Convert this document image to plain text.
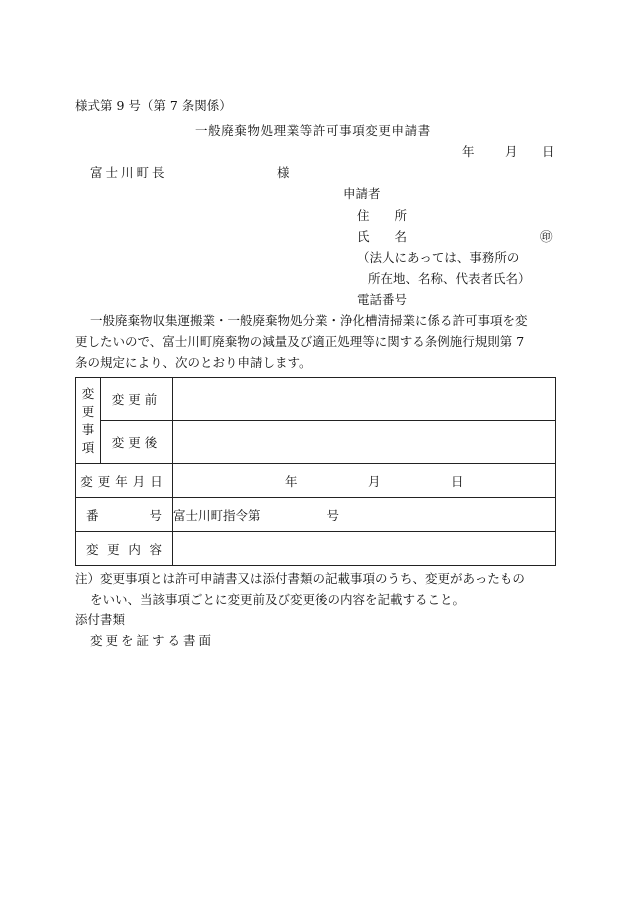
様式第 9 号（第 7 条関係）
一般廃棄物処理業等許可事項変更申請書
年 月 日
富士川町長	様
申請者
住　　所
氏　　名	㊞
（法人にあっては、事務所の
所在地、名称、代表者氏名）
電話番号
一般廃棄物収集運搬業・一般廃棄物処分業・浄化槽清掃業に係る許可事項を変
更したいので、富士川町廃棄物の減量及び適正処理等に関する条例施行規則第 7
条の規定により、次のとおり申請します。
変
更
事
項	変更前	
	変更後	
変更年月日		年 月 日

番 号		富士川町指令第 号

変 更 内 容		

注）変更事項とは許可申請書又は添付書類の記載事項のうち、変更があったもの
をいい、当該事項ごとに変更前及び変更後の内容を記載すること。
添付書類
変更を証する書面
